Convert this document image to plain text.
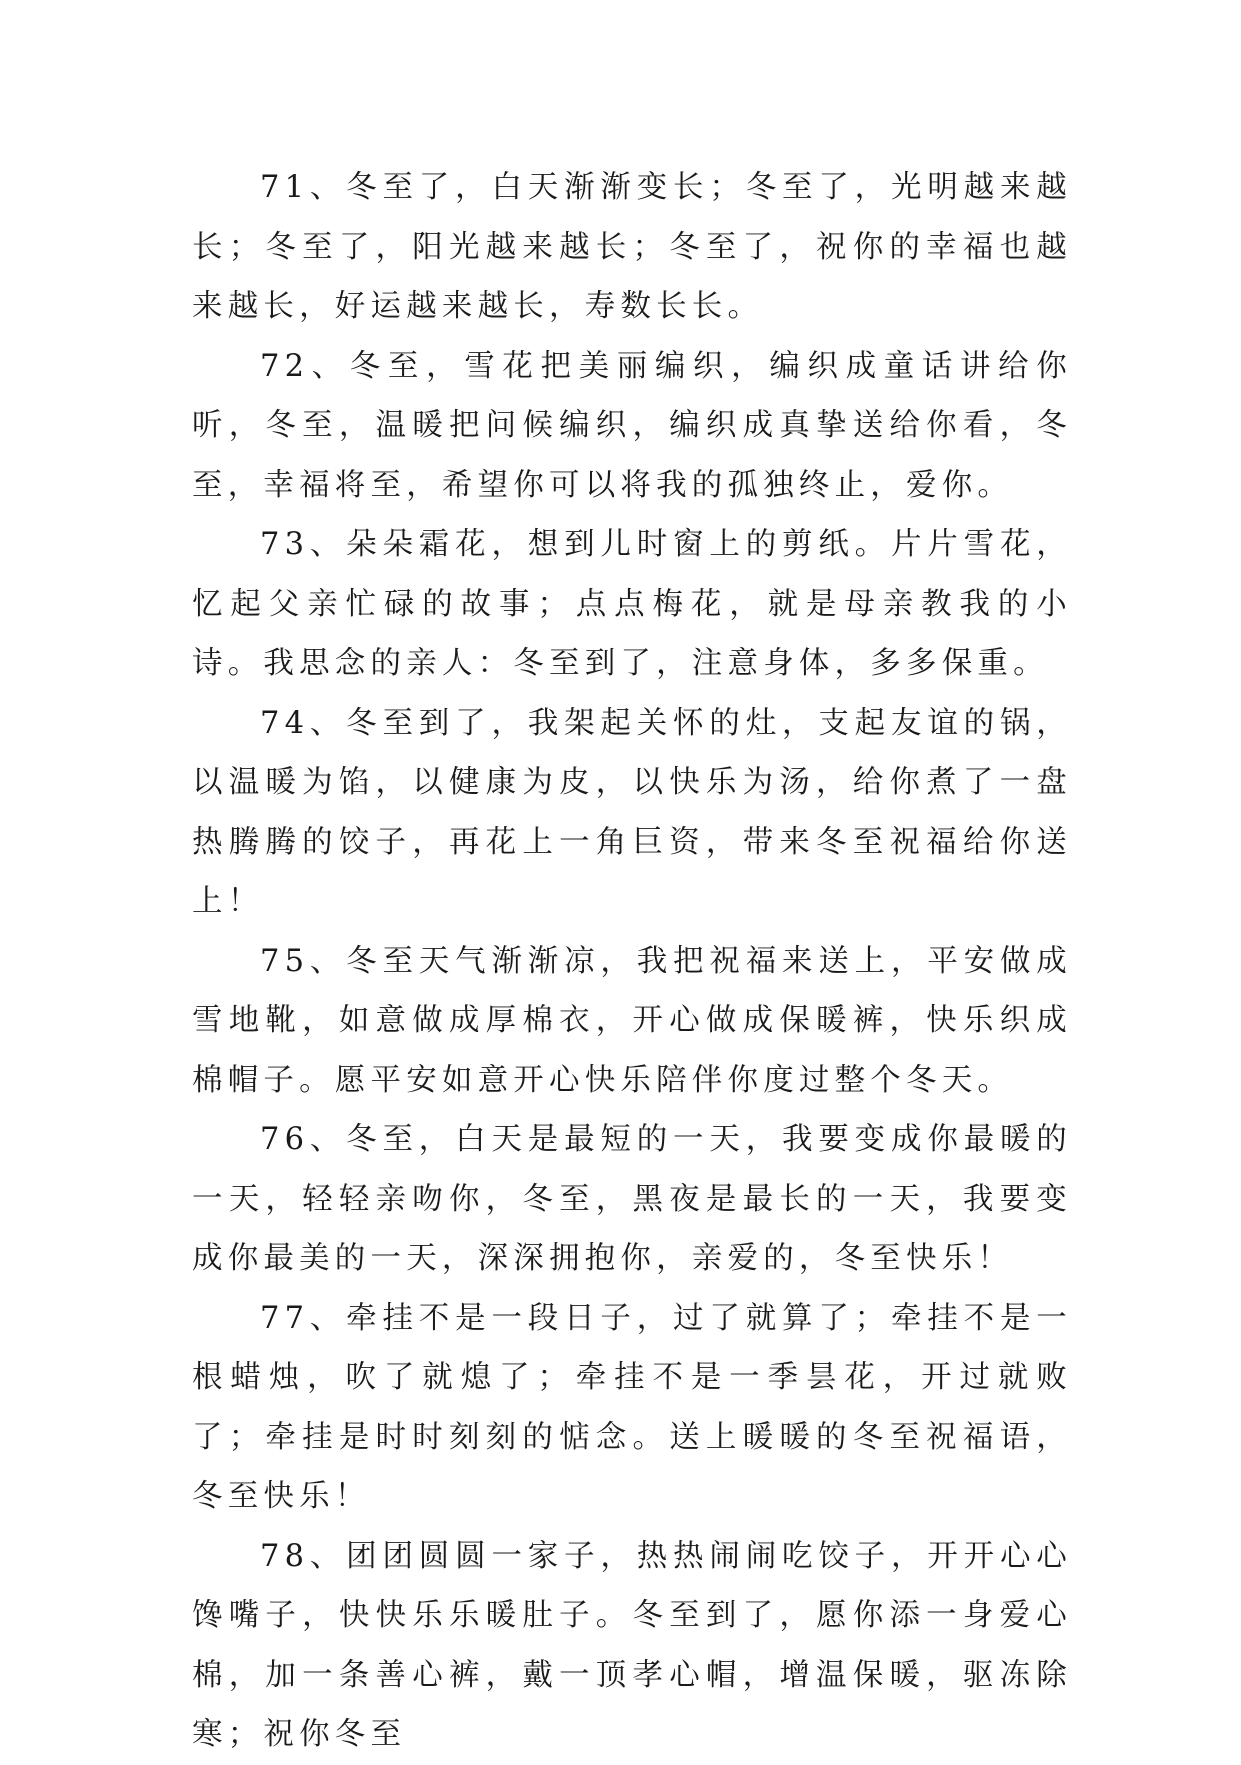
71、冬至了，白天渐渐变长；冬至了，光明越来越长；冬至了，阳光越来越长；冬至了，祝你的幸福也越来越长，好运越来越长，寿数长长。

72、冬至，雪花把美丽编织，编织成童话讲给你听，冬至，温暖把问候编织，编织成真挚送给你看，冬至，幸福将至，希望你可以将我的孤独终止，爱你。

73、朵朵霜花，想到儿时窗上的剪纸。片片雪花，忆起父亲忙碌的故事；点点梅花，就是母亲教我的小诗。我思念的亲人：冬至到了，注意身体，多多保重。

74、冬至到了，我架起关怀的灶，支起友谊的锅，以温暖为馅，以健康为皮，以快乐为汤，给你煮了一盘热腾腾的饺子，再花上一角巨资，带来冬至祝福给你送上！

75、冬至天气渐渐凉，我把祝福来送上，平安做成雪地靴，如意做成厚棉衣，开心做成保暖裤，快乐织成棉帽子。愿平安如意开心快乐陪伴你度过整个冬天。

76、冬至，白天是最短的一天，我要变成你最暖的一天，轻轻亲吻你，冬至，黑夜是最长的一天，我要变成你最美的一天，深深拥抱你，亲爱的，冬至快乐！

77、牵挂不是一段日子，过了就算了；牵挂不是一根蜡烛，吹了就熄了；牵挂不是一季昙花，开过就败了；牵挂是时时刻刻的惦念。送上暖暖的冬至祝福语，冬至快乐！

78、团团圆圆一家子，热热闹闹吃饺子，开开心心馋嘴子，快快乐乐暖肚子。冬至到了，愿你添一身爱心棉，加一条善心裤，戴一顶孝心帽，增温保暖，驱冻除寒；祝你冬至
